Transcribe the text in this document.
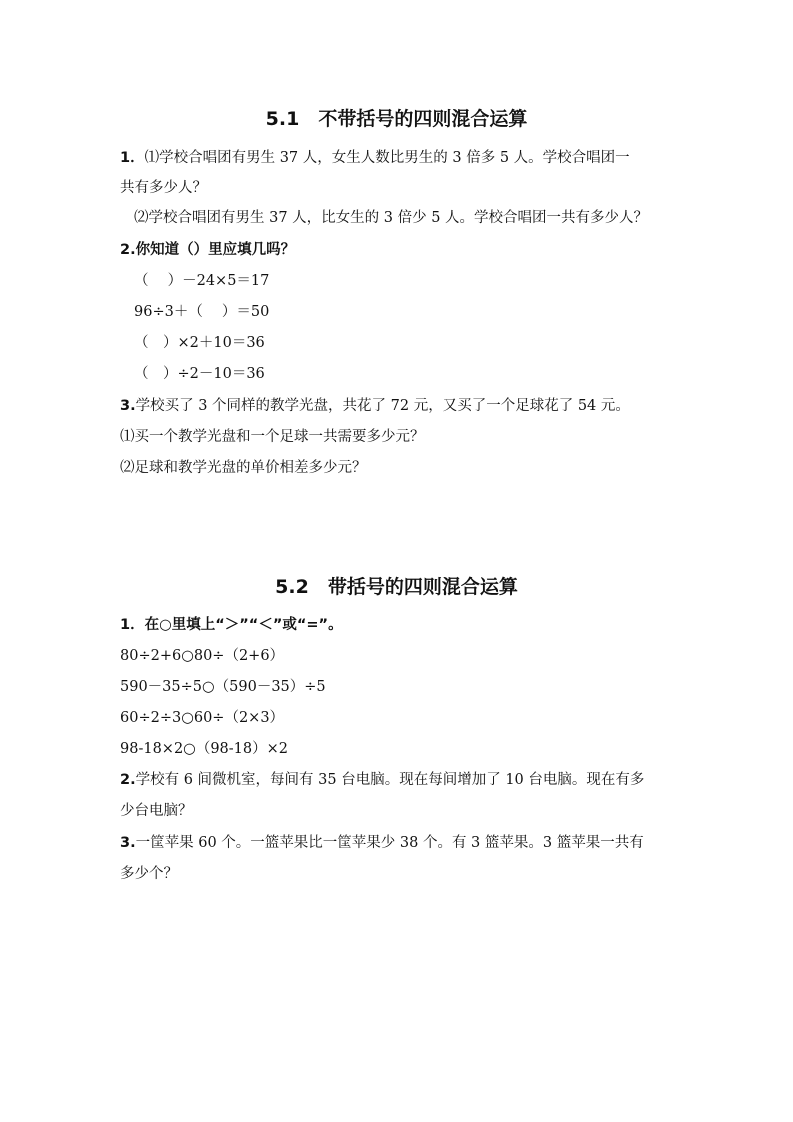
5.1　不带括号的四则混合运算
1．⑴学校合唱团有男生 37 人，女生人数比男生的 3 倍多 5 人。学校合唱团一
共有多少人？
⑵学校合唱团有男生 37 人，比女生的 3 倍少 5 人。学校合唱团一共有多少人？
2.你知道（）里应填几吗？
（　 ）－24×5＝17
96÷3＋（　 ）＝50
（　）×2＋10＝36
（　）÷2－10＝36
3.学校买了 3 个同样的教学光盘，共花了 72 元，又买了一个足球花了 54 元。
⑴买一个教学光盘和一个足球一共需要多少元？
⑵足球和教学光盘的单价相差多少元？
5.2　带括号的四则混合运算
1．在○里填上“＞”“＜”或“=”。
80÷2+6○80÷（2+6）
590－35÷5○（590－35）÷5
60÷2÷3○60÷（2×3）
98-18×2○（98-18）×2
2.学校有 6 间微机室，每间有 35 台电脑。现在每间增加了 10 台电脑。现在有多
少台电脑？
3.一筐苹果 60 个。一篮苹果比一筐苹果少 38 个。有 3 篮苹果。3 篮苹果一共有
多少个？
